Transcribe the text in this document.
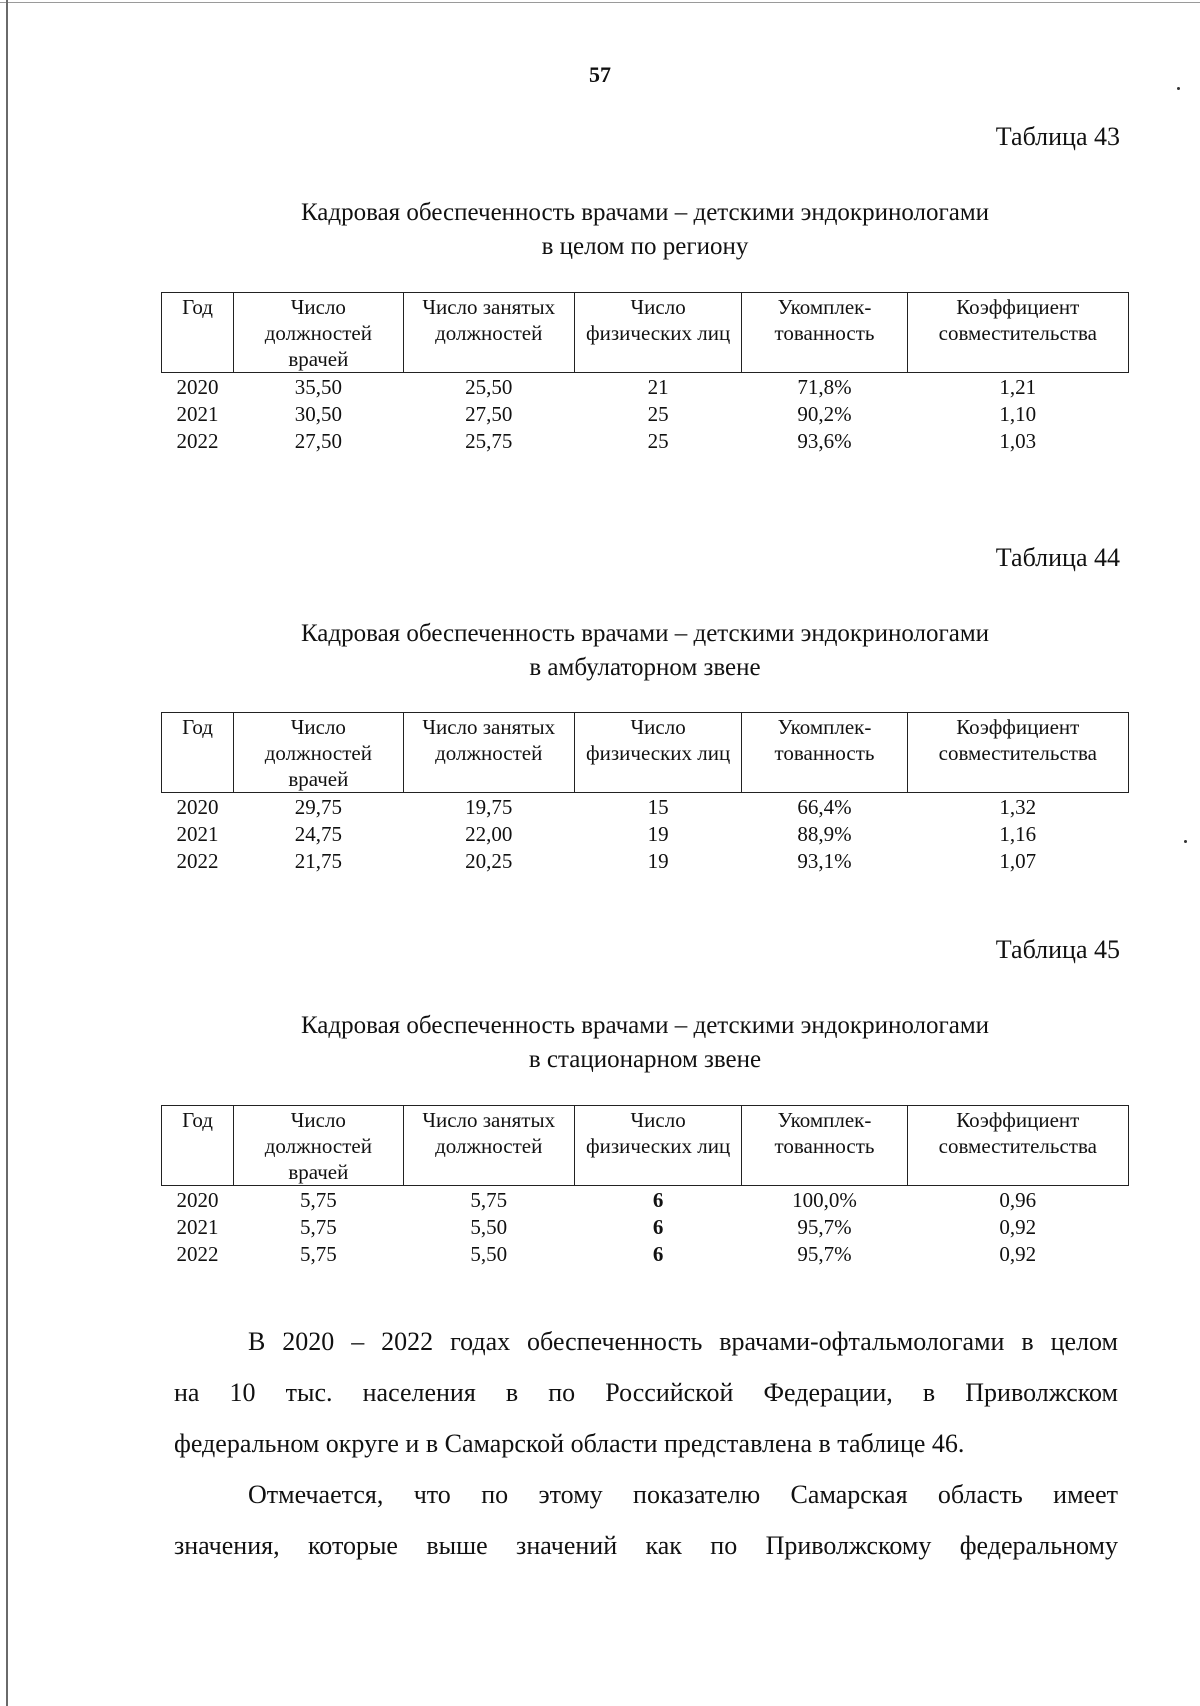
57
Таблица 43
Кадровая обеспеченность врачами – детскими эндокринологами
в целом по региону
Год	Число должностей врачей	Число занятых должностей	Число физических лиц	Укомплек-тованность	Коэффициент совместительства
2020	35,50	25,50	21	71,8%	1,21
2021	30,50	27,50	25	90,2%	1,10
2022	27,50	25,75	25	93,6%	1,03
Таблица 44
Кадровая обеспеченность врачами – детскими эндокринологами
в амбулаторном звене
Год	Число должностей врачей	Число занятых должностей	Число физических лиц	Укомплек-тованность	Коэффициент совместительства
2020	29,75	19,75	15	66,4%	1,32
2021	24,75	22,00	19	88,9%	1,16
2022	21,75	20,25	19	93,1%	1,07
Таблица 45
Кадровая обеспеченность врачами – детскими эндокринологами
в стационарном звене
Год	Число должностей врачей	Число занятых должностей	Число физических лиц	Укомплек-тованность	Коэффициент совместительства
2020	5,75	5,75	6	100,0%	0,96
2021	5,75	5,50	6	95,7%	0,92
2022	5,75	5,50	6	95,7%	0,92
В 2020 – 2022 годах обеспеченность врачами-офтальмологами в целом
на 10 тыс. населения в по Российской Федерации, в Приволжском
федеральном округе и в Самарской области представлена в таблице 46.
Отмечается, что по этому показателю Самарская область имеет
значения, которые выше значений как по Приволжскому федеральному
